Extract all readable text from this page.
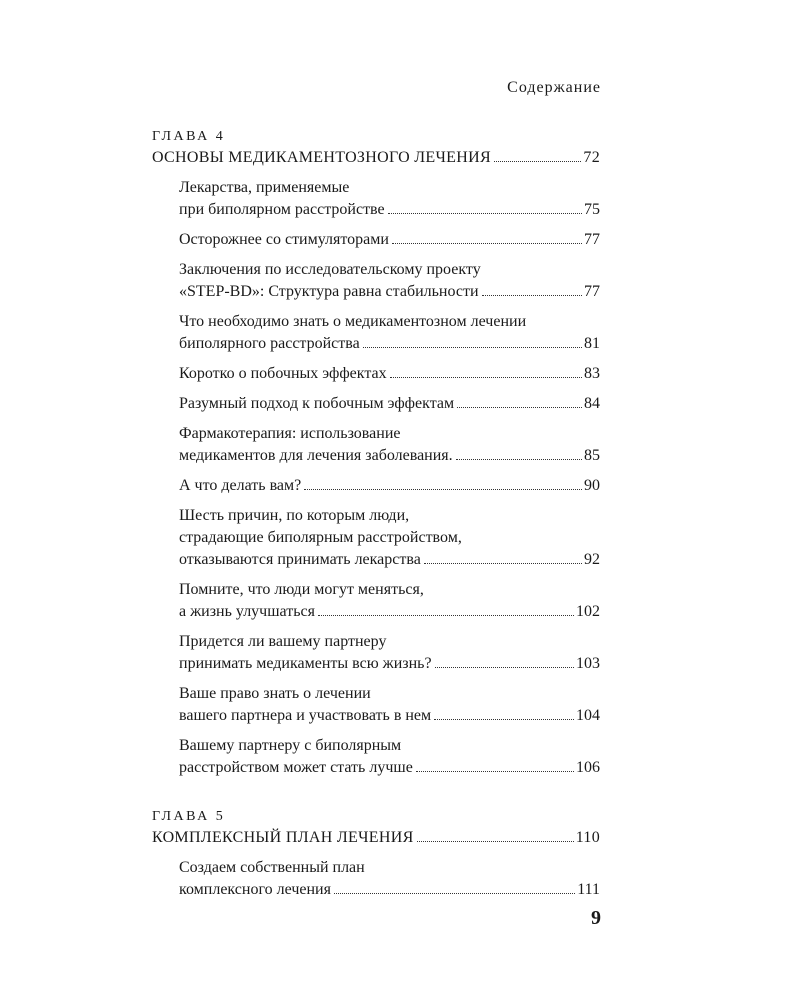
Содержание
ГЛАВА 4
ОСНОВЫ МЕДИКАМЕНТОЗНОГО ЛЕЧЕНИЯ	72
Лекарства, применяемые
при биполярном расстройстве	75
Осторожнее со стимуляторами	77
Заключения по исследовательскому проекту
«STEP-BD»: Структура равна стабильности	77
Что необходимо знать о медикаментозном лечении
биполярного расстройства	81
Коротко о побочных эффектах	83
Разумный подход к побочным эффектам	84
Фармакотерапия: использование
медикаментов для лечения заболевания.	85
А что делать вам?	90
Шесть причин, по которым люди,
страдающие биполярным расстройством,
отказываются принимать лекарства	92
Помните, что люди могут меняться,
а жизнь улучшаться	102
Придется ли вашему партнеру
принимать медикаменты всю жизнь?	103
Ваше право знать о лечении
вашего партнера и участвовать в нем	104
Вашему партнеру с биполярным
расстройством может стать лучше	106
ГЛАВА 5
КОМПЛЕКСНЫЙ ПЛАН ЛЕЧЕНИЯ	110
Создаем собственный план
комплексного лечения	111
9
